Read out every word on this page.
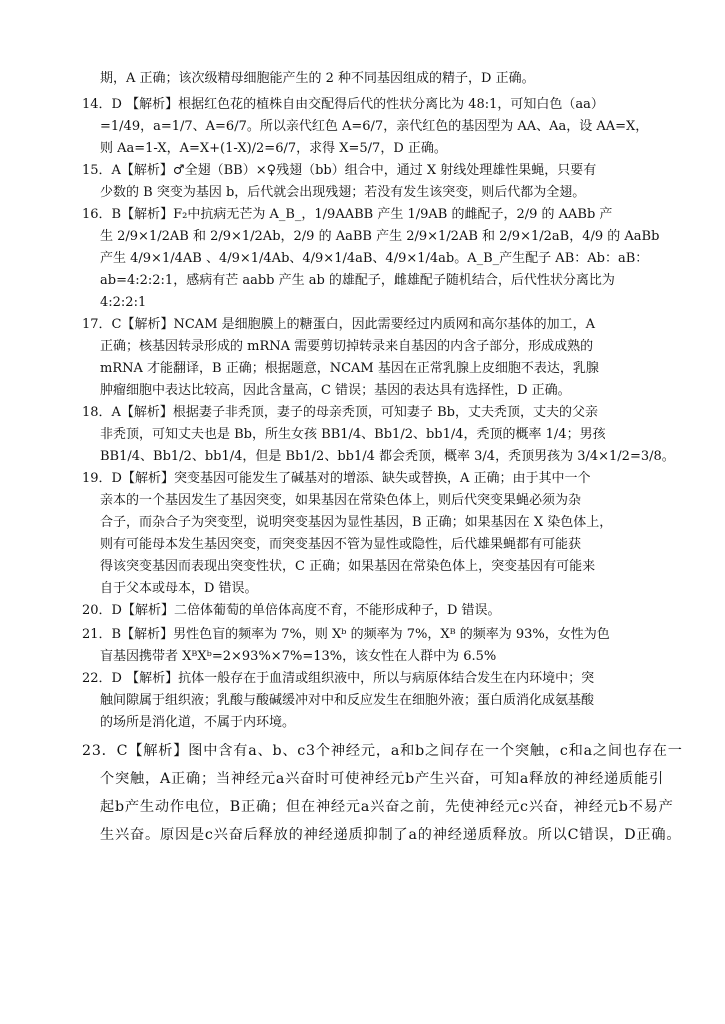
期，A 正确；该次级精母细胞能产生的 2 种不同基因组成的精子，D 正确。
14．D 【解析】根据红色花的植株自由交配得后代的性状分离比为 48:1，可知白色（aa）
=1/49，a=1/7、A=6/7。所以亲代红色 A=6/7，亲代红色的基因型为 AA、Aa，设 AA=X，
则 Aa=1-X，A=X+(1-X)/2=6/7，求得 X=5/7，D 正确。
15．A【解析】♂全翅（BB）×♀残翅（bb）组合中，通过 X 射线处理雄性果蝇，只要有
少数的 B 突变为基因 b，后代就会出现残翅；若没有发生该突变，则后代都为全翅。
16．B【解析】F₂中抗病无芒为 A_B_，1/9AABB 产生 1/9AB 的雌配子，2/9 的 AABb 产
生 2/9×1/2AB 和 2/9×1/2Ab，2/9 的 AaBB 产生 2/9×1/2AB 和 2/9×1/2aB，4/9 的 AaBb
产生 4/9×1/4AB 、4/9×1/4Ab、4/9×1/4aB、4/9×1/4ab。A_B_产生配子 AB：Ab：aB：
ab=4:2:2:1，感病有芒 aabb 产生 ab 的雄配子，雌雄配子随机结合，后代性状分离比为
4:2:2:1
17．C【解析】NCAM 是细胞膜上的糖蛋白，因此需要经过内质网和高尔基体的加工，A
正确；核基因转录形成的 mRNA 需要剪切掉转录来自基因的内含子部分，形成成熟的
mRNA 才能翻译，B 正确；根据题意，NCAM 基因在正常乳腺上皮细胞不表达，乳腺
肿瘤细胞中表达比较高，因此含量高，C 错误；基因的表达具有选择性，D 正确。
18．A【解析】根据妻子非秃顶，妻子的母亲秃顶，可知妻子 Bb，丈夫秃顶，丈夫的父亲
非秃顶，可知丈夫也是 Bb，所生女孩 BB1/4、Bb1/2、bb1/4，秃顶的概率 1/4；男孩
BB1/4、Bb1/2、bb1/4，但是 Bb1/2、bb1/4 都会秃顶，概率 3/4，秃顶男孩为 3/4×1/2=3/8。
19．D【解析】突变基因可能发生了碱基对的增添、缺失或替换，A 正确；由于其中一个
亲本的一个基因发生了基因突变，如果基因在常染色体上，则后代突变果蝇必须为杂
合子，而杂合子为突变型，说明突变基因为显性基因，B 正确；如果基因在 X 染色体上，
则有可能母本发生基因突变，而突变基因不管为显性或隐性，后代雄果蝇都有可能获
得该突变基因而表现出突变性状，C 正确；如果基因在常染色体上，突变基因有可能来
自于父本或母本，D 错误。
20．D【解析】二倍体葡萄的单倍体高度不育，不能形成种子，D 错误。
21．B【解析】男性色盲的频率为 7%，则 Xᵇ 的频率为 7%，Xᴮ 的频率为 93%，女性为色
盲基因携带者 XᴮXᵇ=2×93%×7%=13%，该女性在人群中为 6.5%
22．D 【解析】抗体一般存在于血清或组织液中，所以与病原体结合发生在内环境中；突
触间隙属于组织液；乳酸与酸碱缓冲对中和反应发生在细胞外液；蛋白质消化成氨基酸
的场所是消化道，不属于内环境。
23．C【解析】图中含有a、b、c3个神经元，a和b之间存在一个突触，c和a之间也存在一
个突触，A正确；当神经元a兴奋时可使神经元b产生兴奋，可知a释放的神经递质能引
起b产生动作电位，B正确；但在神经元a兴奋之前，先使神经元c兴奋，神经元b不易产
生兴奋。原因是c兴奋后释放的神经递质抑制了a的神经递质释放。所以C错误，D正确。
